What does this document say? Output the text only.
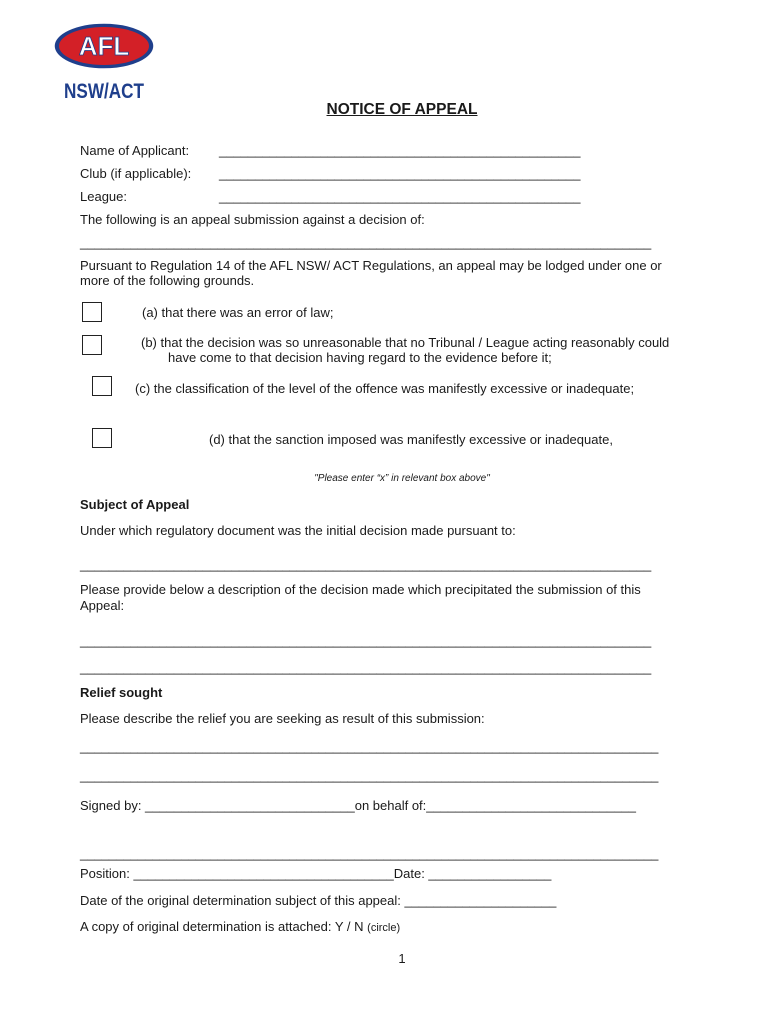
AFL
NSW/ACT
NOTICE OF APPEAL
Name of Applicant: __________________________________________________
Club (if applicable): __________________________________________________
League:	__________________________________________________
The following is an appeal submission against a decision of:
_______________________________________________________________________________
Pursuant to Regulation 14 of the AFL NSW/ ACT Regulations, an appeal may be lodged under one or
more of the following grounds.
(a) that there was an error of law;
(b) that the decision was so unreasonable that no Tribunal / League acting reasonably could
have come to that decision having regard to the evidence before it;
(c) the classification of the level of the offence was manifestly excessive or inadequate;
(d) that the sanction imposed was manifestly excessive or inadequate,
"Please enter “x” in relevant box above"
Subject of Appeal
Under which regulatory document was the initial decision made pursuant to:
_______________________________________________________________________________
Please provide below a description of the decision made which precipitated the submission of this
Appeal:
_______________________________________________________________________________
_______________________________________________________________________________
Relief sought
Please describe the relief you are seeking as result of this submission:
________________________________________________________________________________
________________________________________________________________________________
Signed by: _____________________________on behalf of:_____________________________
________________________________________________________________________________
Position: ____________________________________Date: _________________
Date of the original determination subject of this appeal: _____________________
A copy of original determination is attached: Y / N (circle)
1
